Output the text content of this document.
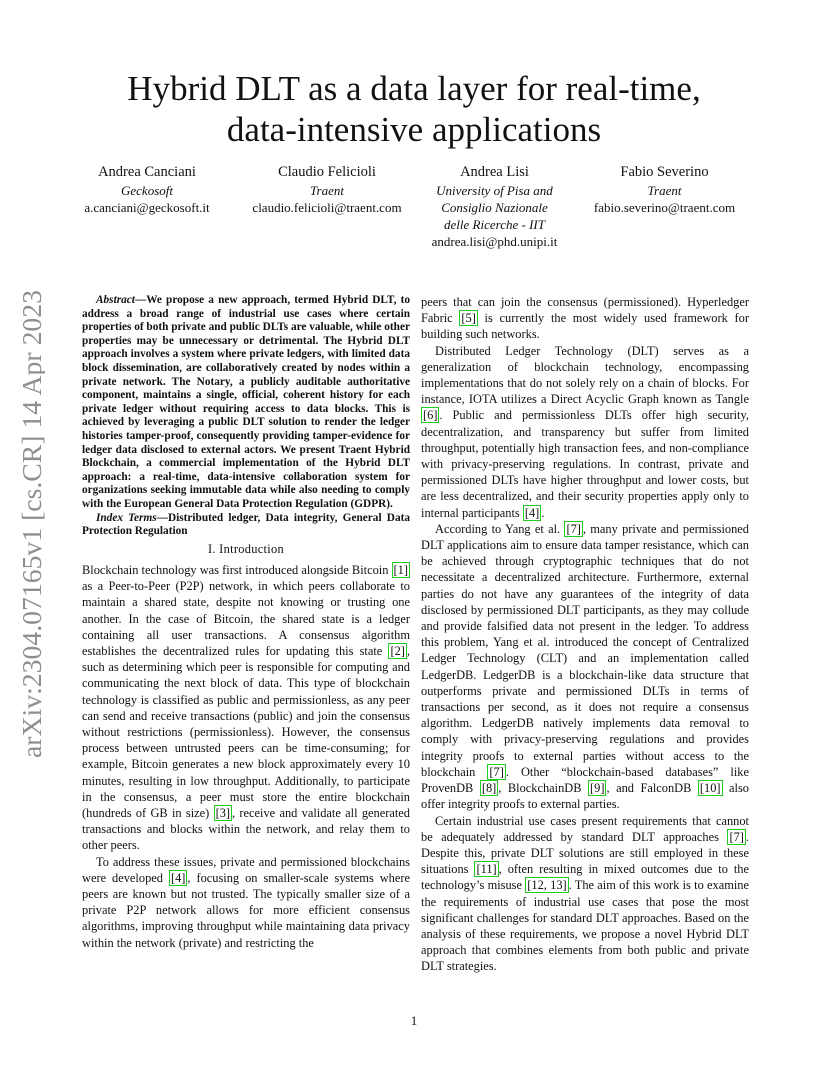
arXiv:2304.07165v1 [cs.CR] 14 Apr 2023
Hybrid DLT as a data layer for real-time,
data-intensive applications
Andrea Canciani
Geckosoft
a.canciani@geckosoft.it
Claudio Felicioli
Traent
claudio.felicioli@traent.com
Andrea Lisi
University of Pisa and
Consiglio Nazionale
delle Ricerche - IIT
andrea.lisi@phd.unipi.it
Fabio Severino
Traent
fabio.severino@traent.com

Abstract—We propose a new approach, termed Hybrid DLT, to address a broad range of industrial use cases where certain properties of both private and public DLTs are valuable, while other properties may be unnecessary or detrimental. The Hybrid DLT approach involves a system where private ledgers, with limited data block dissemination, are collaboratively created by nodes within a private network. The Notary, a publicly auditable authoritative component, maintains a single, official, coherent history for each private ledger without requiring access to data blocks. This is achieved by leveraging a public DLT solution to render the ledger histories tamper-proof, consequently providing tamper-evidence for ledger data disclosed to external actors. We present Traent Hybrid Blockchain, a commercial implementation of the Hybrid DLT approach: a real-time, data-intensive collaboration system for organizations seeking immutable data while also needing to comply with the European General Data Protection Regulation (GDPR).

Index Terms—Distributed ledger, Data integrity, General Data Protection Regulation

I. Introduction

Blockchain technology was first introduced alongside Bitcoin [1] as a Peer-to-Peer (P2P) network, in which peers collaborate to maintain a shared state, despite not knowing or trusting one another. In the case of Bitcoin, the shared state is a ledger containing all user transactions. A consensus algorithm establishes the decentralized rules for updating this state [2] , such as determining which peer is responsible for computing and communicating the next block of data. This type of blockchain technology is classified as public and permissionless, as any peer can send and receive transactions (public) and join the consensus without restrictions (permissionless). However, the consensus process between untrusted peers can be time-consuming; for example, Bitcoin generates a new block approximately every 10 minutes, resulting in low throughput. Additionally, to participate in the consensus, a peer must store the entire blockchain (hundreds of GB in size) [3] , receive and validate all generated transactions and blocks within the network, and relay them to other peers.

To address these issues, private and permissioned blockchains were developed [4] , focusing on smaller-scale systems where peers are known but not trusted. The typically smaller size of a private P2P network allows for more efficient consensus algorithms, improving throughput while maintaining data privacy within the network (private) and restricting the

peers that can join the consensus (permissioned). Hyperledger Fabric [5] is currently the most widely used framework for building such networks.

Distributed Ledger Technology (DLT) serves as a generalization of blockchain technology, encompassing implementations that do not solely rely on a chain of blocks. For instance, IOTA utilizes a Direct Acyclic Graph known as Tangle [6] . Public and permissionless DLTs offer high security, decentralization, and transparency but suffer from limited throughput, potentially high transaction fees, and non-compliance with privacy-preserving regulations. In contrast, private and permissioned DLTs have higher throughput and lower costs, but are less decentralized, and their security properties apply only to internal participants [4] .

According to Yang et al. [7] , many private and permissioned DLT applications aim to ensure data tamper resistance, which can be achieved through cryptographic techniques that do not necessitate a decentralized architecture. Furthermore, external parties do not have any guarantees of the integrity of data disclosed by permissioned DLT participants, as they may collude and provide falsified data not present in the ledger. To address this problem, Yang et al. introduced the concept of Centralized Ledger Technology (CLT) and an implementation called LedgerDB. LedgerDB is a blockchain-like data structure that outperforms private and permissioned DLTs in terms of transactions per second, as it does not require a consensus algorithm. LedgerDB natively implements data removal to comply with privacy-preserving regulations and provides integrity proofs to external parties without access to the blockchain [7] . Other “blockchain-based databases” like ProvenDB [8] , BlockchainDB [9] , and FalconDB [10] also offer integrity proofs to external parties.

Certain industrial use cases present requirements that cannot be adequately addressed by standard DLT approaches [7] . Despite this, private DLT solutions are still employed in these situations [11] , often resulting in mixed outcomes due to the technology’s misuse [12, 13] . The aim of this work is to examine the requirements of industrial use cases that pose the most significant challenges for standard DLT approaches. Based on the analysis of these requirements, we propose a novel Hybrid DLT approach that combines elements from both public and private DLT strategies.

1
